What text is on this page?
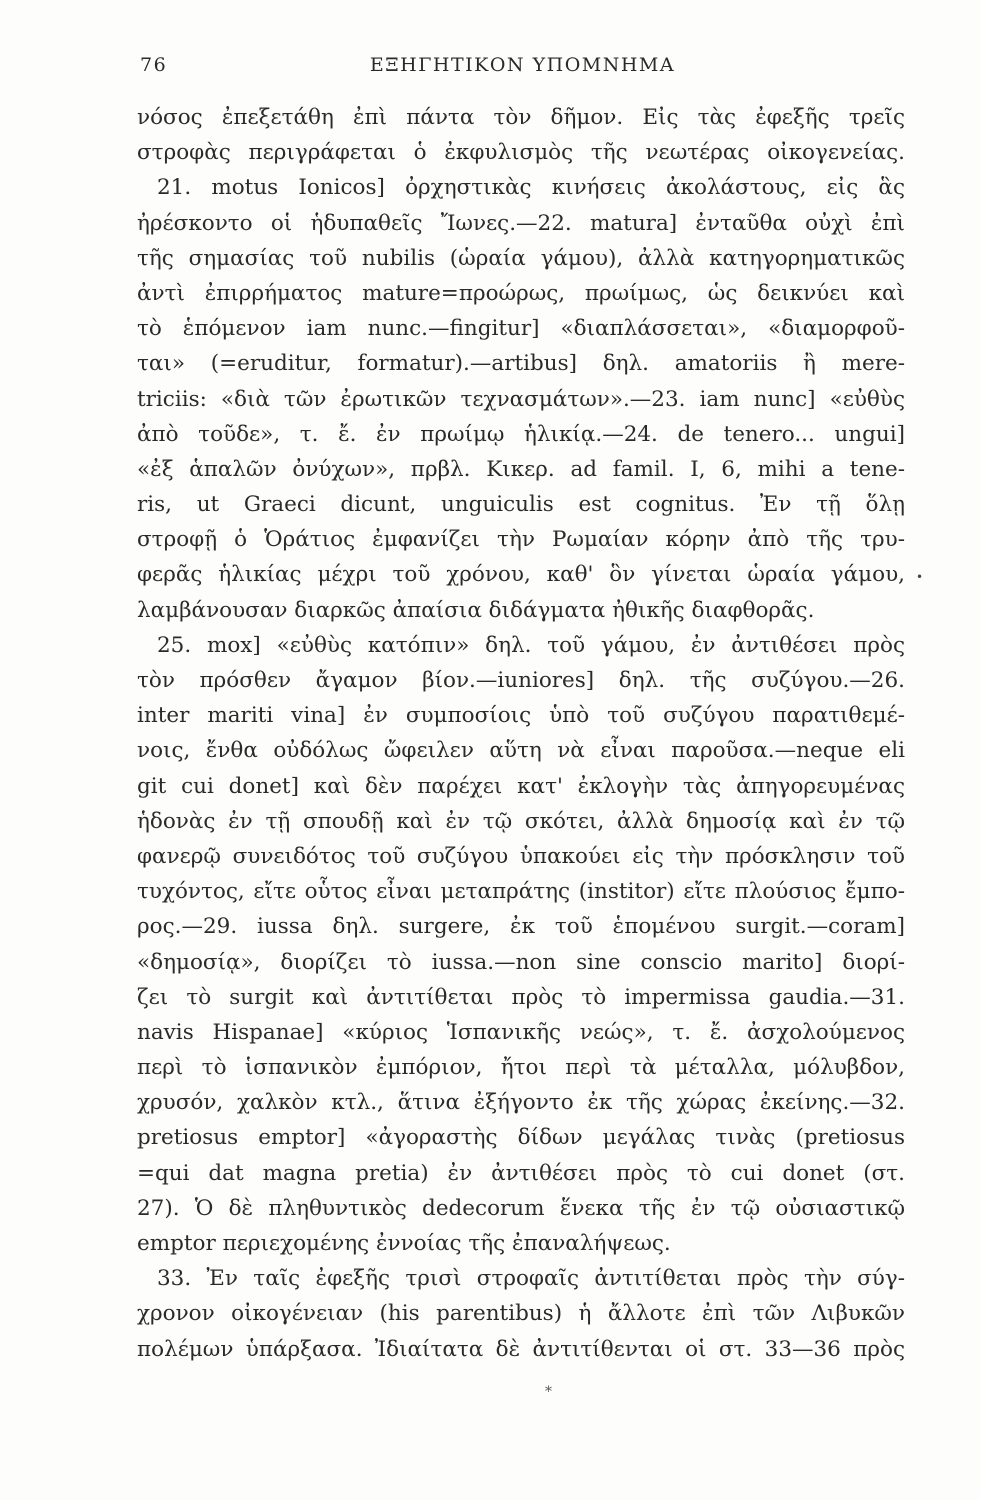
76	ΕΞΗΓΗΤΙΚΟΝ ΥΠΟΜΝΗΜΑ
νόσος ἐπεξετάθη ἐπὶ πάντα τὸν δῆμον. Εἰς τὰς ἐφεξῆς τρεῖς
στροφὰς περιγράφεται ὁ ἐκφυλισμὸς τῆς νεωτέρας οἰκογενείας.
21. motus Ionicos] ὀρχηστικὰς κινήσεις ἀκολάστους, εἰς ἃς
ἠρέσκοντο οἱ ἡδυπαθεῖς Ἴωνες.—22. matura] ἐνταῦθα οὐχὶ ἐπὶ
τῆς σημασίας τοῦ nubilis (ὡραία γάμου), ἀλλὰ κατηγορηματικῶς
ἀντὶ ἐπιρρήματος mature=προώρως, πρωίμως, ὡς δεικνύει καὶ
τὸ ἑπόμενον iam nunc.—fingitur] «διαπλάσσεται», «διαμορφοῦ-
ται» (=eruditur, formatur).—artibus] δηλ. amatoriis ἢ mere-
triciis: «διὰ τῶν ἐρωτικῶν τεχνασμάτων».—23. iam nunc] «εὐθὺς
ἀπὸ τοῦδε», τ. ἔ. ἐν πρωίμῳ ἡλικίᾳ.—24. de tenero... ungui]
«ἐξ ἁπαλῶν ὀνύχων», πρβλ. Κικερ. ad famil. I, 6, mihi a tene-
ris, ut Graeci dicunt, unguiculis est cognitus. Ἐν τῇ ὅλῃ
στροφῇ ὁ Ὁράτιος ἐμφανίζει τὴν Ρωμαίαν κόρην ἀπὸ τῆς τρυ-
φερᾶς ἡλικίας μέχρι τοῦ χρόνου, καθ' ὃν γίνεται ὡραία γάμου,
λαμβάνουσαν διαρκῶς ἀπαίσια διδάγματα ἠθικῆς διαφθορᾶς.
25. mox] «εὐθὺς κατόπιν» δηλ. τοῦ γάμου, ἐν ἀντιθέσει πρὸς
τὸν πρόσθεν ἄγαμον βίον.—iuniores] δηλ. τῆς συζύγου.—26.
inter mariti vina] ἐν συμποσίοις ὑπὸ τοῦ συζύγου παρατιθεμέ-
νοις, ἔνθα οὐδόλως ὤφειλεν αὕτη νὰ εἶναι παροῦσα.—neque eli
git cui donet] καὶ δὲν παρέχει κατ' ἐκλογὴν τὰς ἀπηγορευμένας
ἡδονὰς ἐν τῇ σπουδῇ καὶ ἐν τῷ σκότει, ἀλλὰ δημοσίᾳ καὶ ἐν τῷ
φανερῷ συνειδότος τοῦ συζύγου ὑπακούει εἰς τὴν πρόσκλησιν τοῦ
τυχόντος, εἴτε οὗτος εἶναι μεταπράτης (institor) εἴτε πλούσιος ἔμπο-
ρος.—29. iussa δηλ. surgere, ἐκ τοῦ ἑπομένου surgit.—coram]
«δημοσίᾳ», διορίζει τὸ iussa.—non sine conscio marito] διορί-
ζει τὸ surgit καὶ ἀντιτίθεται πρὸς τὸ impermissa gaudia.—31.
navis Hispanae] «κύριος Ἱσπανικῆς νεώς», τ. ἔ. ἀσχολούμενος
περὶ τὸ ἱσπανικὸν ἐμπόριον, ἤτοι περὶ τὰ μέταλλα, μόλυβδον,
χρυσόν, χαλκὸν κτλ., ἅτινα ἐξήγοντο ἐκ τῆς χώρας ἐκείνης.—32.
pretiosus emptor] «ἀγοραστὴς δίδων μεγάλας τινὰς (pretiosus
=qui dat magna pretia) ἐν ἀντιθέσει πρὸς τὸ cui donet (στ.
27). Ὁ δὲ πληθυντικὸς dedecorum ἕνεκα τῆς ἐν τῷ οὐσιαστικῷ
emptor περιεχομένης ἐννοίας τῆς ἐπαναλήψεως.
33. Ἐν ταῖς ἐφεξῆς τρισὶ στροφαῖς ἀντιτίθεται πρὸς τὴν σύγ-
χρονον οἰκογένειαν (his parentibus) ἡ ἄλλοτε ἐπὶ τῶν Λιβυκῶν
πολέμων ὑπάρξασα. Ἰδιαίτατα δὲ ἀντιτίθενται οἱ στ. 33—36 πρὸς
•
*
